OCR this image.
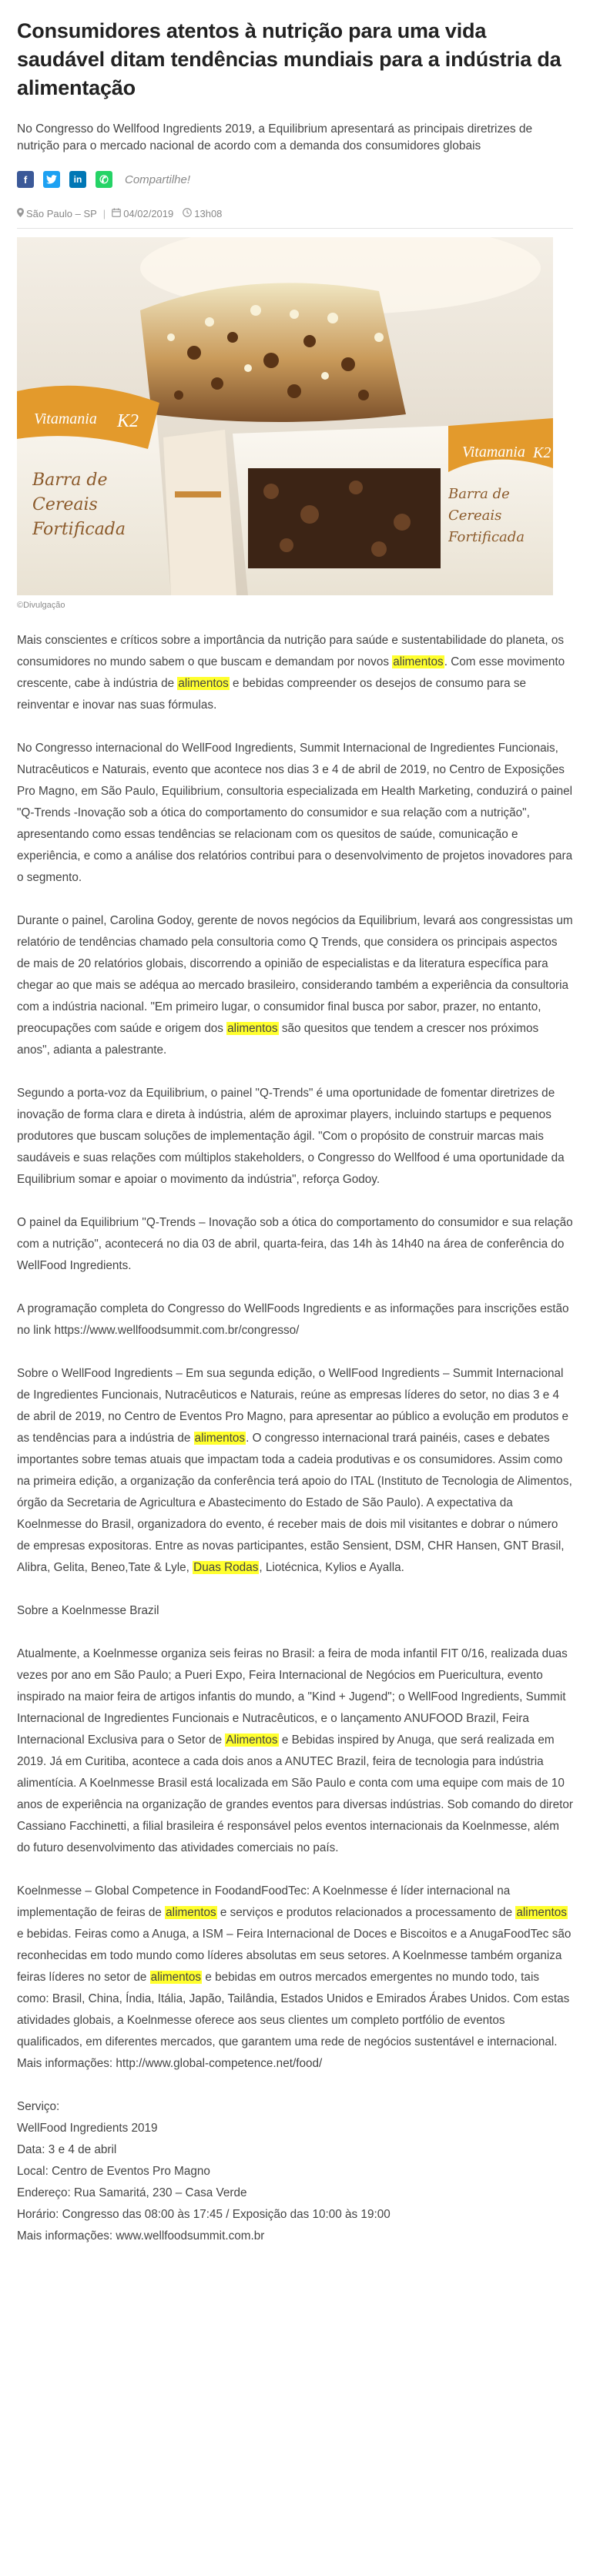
Consumidores atentos à nutrição para uma vida saudável ditam tendências mundiais para a indústria da alimentação

No Congresso do Wellfood Ingredients 2019, a Equilibrium apresentará as principais diretrizes de nutrição para o mercado nacional de acordo com a demanda dos consumidores globais

f	in ✆ Compartilhe!
São Paulo – SP | 04/02/2019 13h08
Vitamania K2
Barra de Cereais Fortificada
Vitamania K2
Barra de Cereais Fortificada
©Divulgação

Mais conscientes e críticos sobre a importância da nutrição para saúde e sustentabilidade do planeta, os consumidores no mundo sabem o que buscam e demandam por novos alimentos. Com esse movimento crescente, cabe à indústria de alimentos e bebidas compreender os desejos de consumo para se reinventar e inovar nas suas fórmulas.

No Congresso internacional do WellFood Ingredients, Summit Internacional de Ingredientes Funcionais, Nutracêuticos e Naturais, evento que acontece nos dias 3 e 4 de abril de 2019, no Centro de Exposições Pro Magno, em São Paulo, Equilibrium, consultoria especializada em Health Marketing, conduzirá o painel "Q-Trends -Inovação sob a ótica do comportamento do consumidor e sua relação com a nutrição", apresentando como essas tendências se relacionam com os quesitos de saúde, comunicação e experiência, e como a análise dos relatórios contribui para o desenvolvimento de projetos inovadores para o segmento.

Durante o painel, Carolina Godoy, gerente de novos negócios da Equilibrium, levará aos congressistas um relatório de tendências chamado pela consultoria como Q Trends, que considera os principais aspectos de mais de 20 relatórios globais, discorrendo a opinião de especialistas e da literatura específica para chegar ao que mais se adéqua ao mercado brasileiro, considerando também a experiência da consultoria com a indústria nacional. "Em primeiro lugar, o consumidor final busca por sabor, prazer, no entanto, preocupações com saúde e origem dos alimentos são quesitos que tendem a crescer nos próximos anos", adianta a palestrante.

Segundo a porta-voz da Equilibrium, o painel "Q-Trends" é uma oportunidade de fomentar diretrizes de inovação de forma clara e direta à indústria, além de aproximar players, incluindo startups e pequenos produtores que buscam soluções de implementação ágil. "Com o propósito de construir marcas mais saudáveis e suas relações com múltiplos stakeholders, o Congresso do Wellfood é uma oportunidade da Equilibrium somar e apoiar o movimento da indústria", reforça Godoy.

O painel da Equilibrium "Q-Trends – Inovação sob a ótica do comportamento do consumidor e sua relação com a nutrição", acontecerá no dia 03 de abril, quarta-feira, das 14h às 14h40 na área de conferência do WellFood Ingredients.

A programação completa do Congresso do WellFoods Ingredients e as informações para inscrições estão no link https://www.wellfoodsummit.com.br/congresso/

Sobre o WellFood Ingredients – Em sua segunda edição, o WellFood Ingredients – Summit Internacional de Ingredientes Funcionais, Nutracêuticos e Naturais, reúne as empresas líderes do setor, no dias 3 e 4 de abril de 2019, no Centro de Eventos Pro Magno, para apresentar ao público a evolução em produtos e as tendências para a indústria de alimentos. O congresso internacional trará painéis, cases e debates importantes sobre temas atuais que impactam toda a cadeia produtivas e os consumidores. Assim como na primeira edição, a organização da conferência terá apoio do ITAL (Instituto de Tecnologia de Alimentos, órgão da Secretaria de Agricultura e Abastecimento do Estado de São Paulo). A expectativa da Koelnmesse do Brasil, organizadora do evento, é receber mais de dois mil visitantes e dobrar o número de empresas expositoras. Entre as novas participantes, estão Sensient, DSM, CHR Hansen, GNT Brasil, Alibra, Gelita, Beneo,Tate & Lyle, Duas Rodas, Liotécnica, Kylios e Ayalla.

Sobre a Koelnmesse Brazil

Atualmente, a Koelnmesse organiza seis feiras no Brasil: a feira de moda infantil FIT 0/16, realizada duas vezes por ano em São Paulo; a Pueri Expo, Feira Internacional de Negócios em Puericultura, evento inspirado na maior feira de artigos infantis do mundo, a "Kind + Jugend"; o WellFood Ingredients, Summit Internacional de Ingredientes Funcionais e Nutracêuticos, e o lançamento ANUFOOD Brazil, Feira Internacional Exclusiva para o Setor de Alimentos e Bebidas inspired by Anuga, que será realizada em 2019. Já em Curitiba, acontece a cada dois anos a ANUTEC Brazil, feira de tecnologia para indústria alimentícia. A Koelnmesse Brasil está localizada em São Paulo e conta com uma equipe com mais de 10 anos de experiência na organização de grandes eventos para diversas indústrias. Sob comando do diretor Cassiano Facchinetti, a filial brasileira é responsável pelos eventos internacionais da Koelnmesse, além do futuro desenvolvimento das atividades comerciais no país.

Koelnmesse – Global Competence in FoodandFoodTec: A Koelnmesse é líder internacional na implementação de feiras de alimentos e serviços e produtos relacionados a processamento de alimentos e bebidas. Feiras como a Anuga, a ISM – Feira Internacional de Doces e Biscoitos e a AnugaFoodTec são reconhecidas em todo mundo como líderes absolutas em seus setores. A Koelnmesse também organiza feiras líderes no setor de alimentos e bebidas em outros mercados emergentes no mundo todo, tais como: Brasil, China, Índia, Itália, Japão, Tailândia, Estados Unidos e Emirados Árabes Unidos. Com estas atividades globais, a Koelnmesse oferece aos seus clientes um completo portfólio de eventos qualificados, em diferentes mercados, que garantem uma rede de negócios sustentável e internacional.

Mais informações: http://www.global-competence.net/food/

Serviço:
WellFood Ingredients 2019
Data: 3 e 4 de abril
Local: Centro de Eventos Pro Magno
Endereço: Rua Samaritá, 230 – Casa Verde
Horário: Congresso das 08:00 às 17:45 / Exposição das 10:00 às 19:00
Mais informações: www.wellfoodsummit.com.br
